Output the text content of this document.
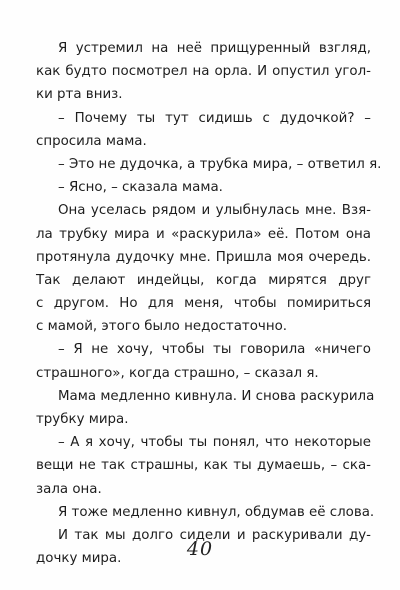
Я устремил на неё прищуренный взгляд,
как будто посмотрел на орла. И опустил угол-
ки рта вниз.
– Почему ты тут сидишь с дудочкой? –
спросила мама.
– Это не дудочка, а трубка мира, – ответил я.
– Ясно, – сказала мама.
Она уселась рядом и улыбнулась мне. Взя-
ла трубку мира и «раскурила» её. Потом она
протянула дудочку мне. Пришла моя очередь.
Так делают индейцы, когда мирятся друг
с другом. Но для меня, чтобы помириться
с мамой, этого было недостаточно.
– Я не хочу, чтобы ты говорила «ничего
страшного», когда страшно, – сказал я.
Мама медленно кивнула. И снова раскурила
трубку мира.
– А я хочу, чтобы ты понял, что некоторые
вещи не так страшны, как ты думаешь, – ска-
зала она.
Я тоже медленно кивнул, обдумав её слова.
И так мы долго сидели и раскуривали ду-
дочку мира.	40
